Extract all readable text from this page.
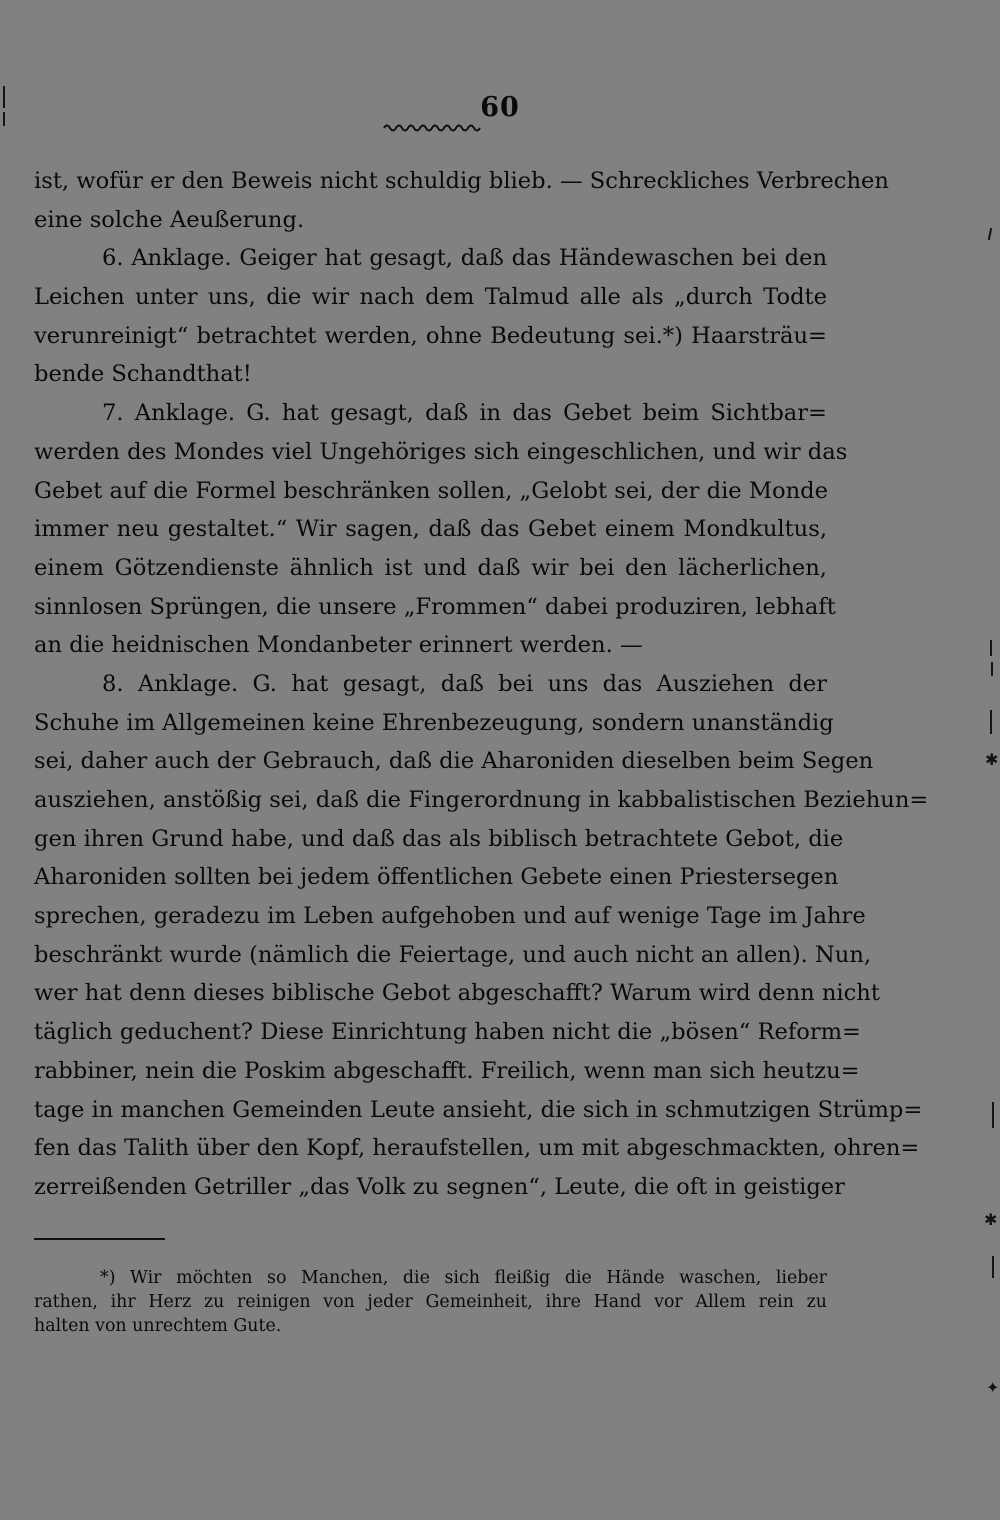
60
ist, wofür er den Beweis nicht schuldig blieb. — Schreckliches Verbrechen
eine solche Aeußerung.
6. Anklage. Geiger hat gesagt, daß das Händewaschen bei den
Leichen unter uns, die wir nach dem Talmud alle als „durch Todte
verunreinigt“ betrachtet werden, ohne Bedeutung sei.*) Haarsträu=
bende Schandthat!
7. Anklage. G. hat gesagt, daß in das Gebet beim Sichtbar=
werden des Mondes viel Ungehöriges sich eingeschlichen, und wir das
Gebet auf die Formel beschränken sollen, „Gelobt sei, der die Monde
immer neu gestaltet.“ Wir sagen, daß das Gebet einem Mondkultus,
einem Götzendienste ähnlich ist und daß wir bei den lächerlichen,
sinnlosen Sprüngen, die unsere „Frommen“ dabei produziren, lebhaft
an die heidnischen Mondanbeter erinnert werden. —
8. Anklage. G. hat gesagt, daß bei uns das Ausziehen der
Schuhe im Allgemeinen keine Ehrenbezeugung, sondern unanständig
sei, daher auch der Gebrauch, daß die Aharoniden dieselben beim Segen
ausziehen, anstößig sei, daß die Fingerordnung in kabbalistischen Beziehun=
gen ihren Grund habe, und daß das als biblisch betrachtete Gebot, die
Aharoniden sollten bei jedem öffentlichen Gebete einen Priestersegen
sprechen, geradezu im Leben aufgehoben und auf wenige Tage im Jahre
beschränkt wurde (nämlich die Feiertage, und auch nicht an allen). Nun,
wer hat denn dieses biblische Gebot abgeschafft? Warum wird denn nicht
täglich geduchent? Diese Einrichtung haben nicht die „bösen“ Reform=
rabbiner, nein die Poskim abgeschafft. Freilich, wenn man sich heutzu=
tage in manchen Gemeinden Leute ansieht, die sich in schmutzigen Strümp=
fen das Talith über den Kopf, heraufstellen, um mit abgeschmackten, ohren=
zerreißenden Getriller „das Volk zu segnen“, Leute, die oft in geistiger
*) Wir möchten so Manchen, die sich fleißig die Hände waschen, lieber
rathen, ihr Herz zu reinigen von jeder Gemeinheit, ihre Hand vor Allem rein zu
halten von unrechtem Gute.
✱
✱
✦
